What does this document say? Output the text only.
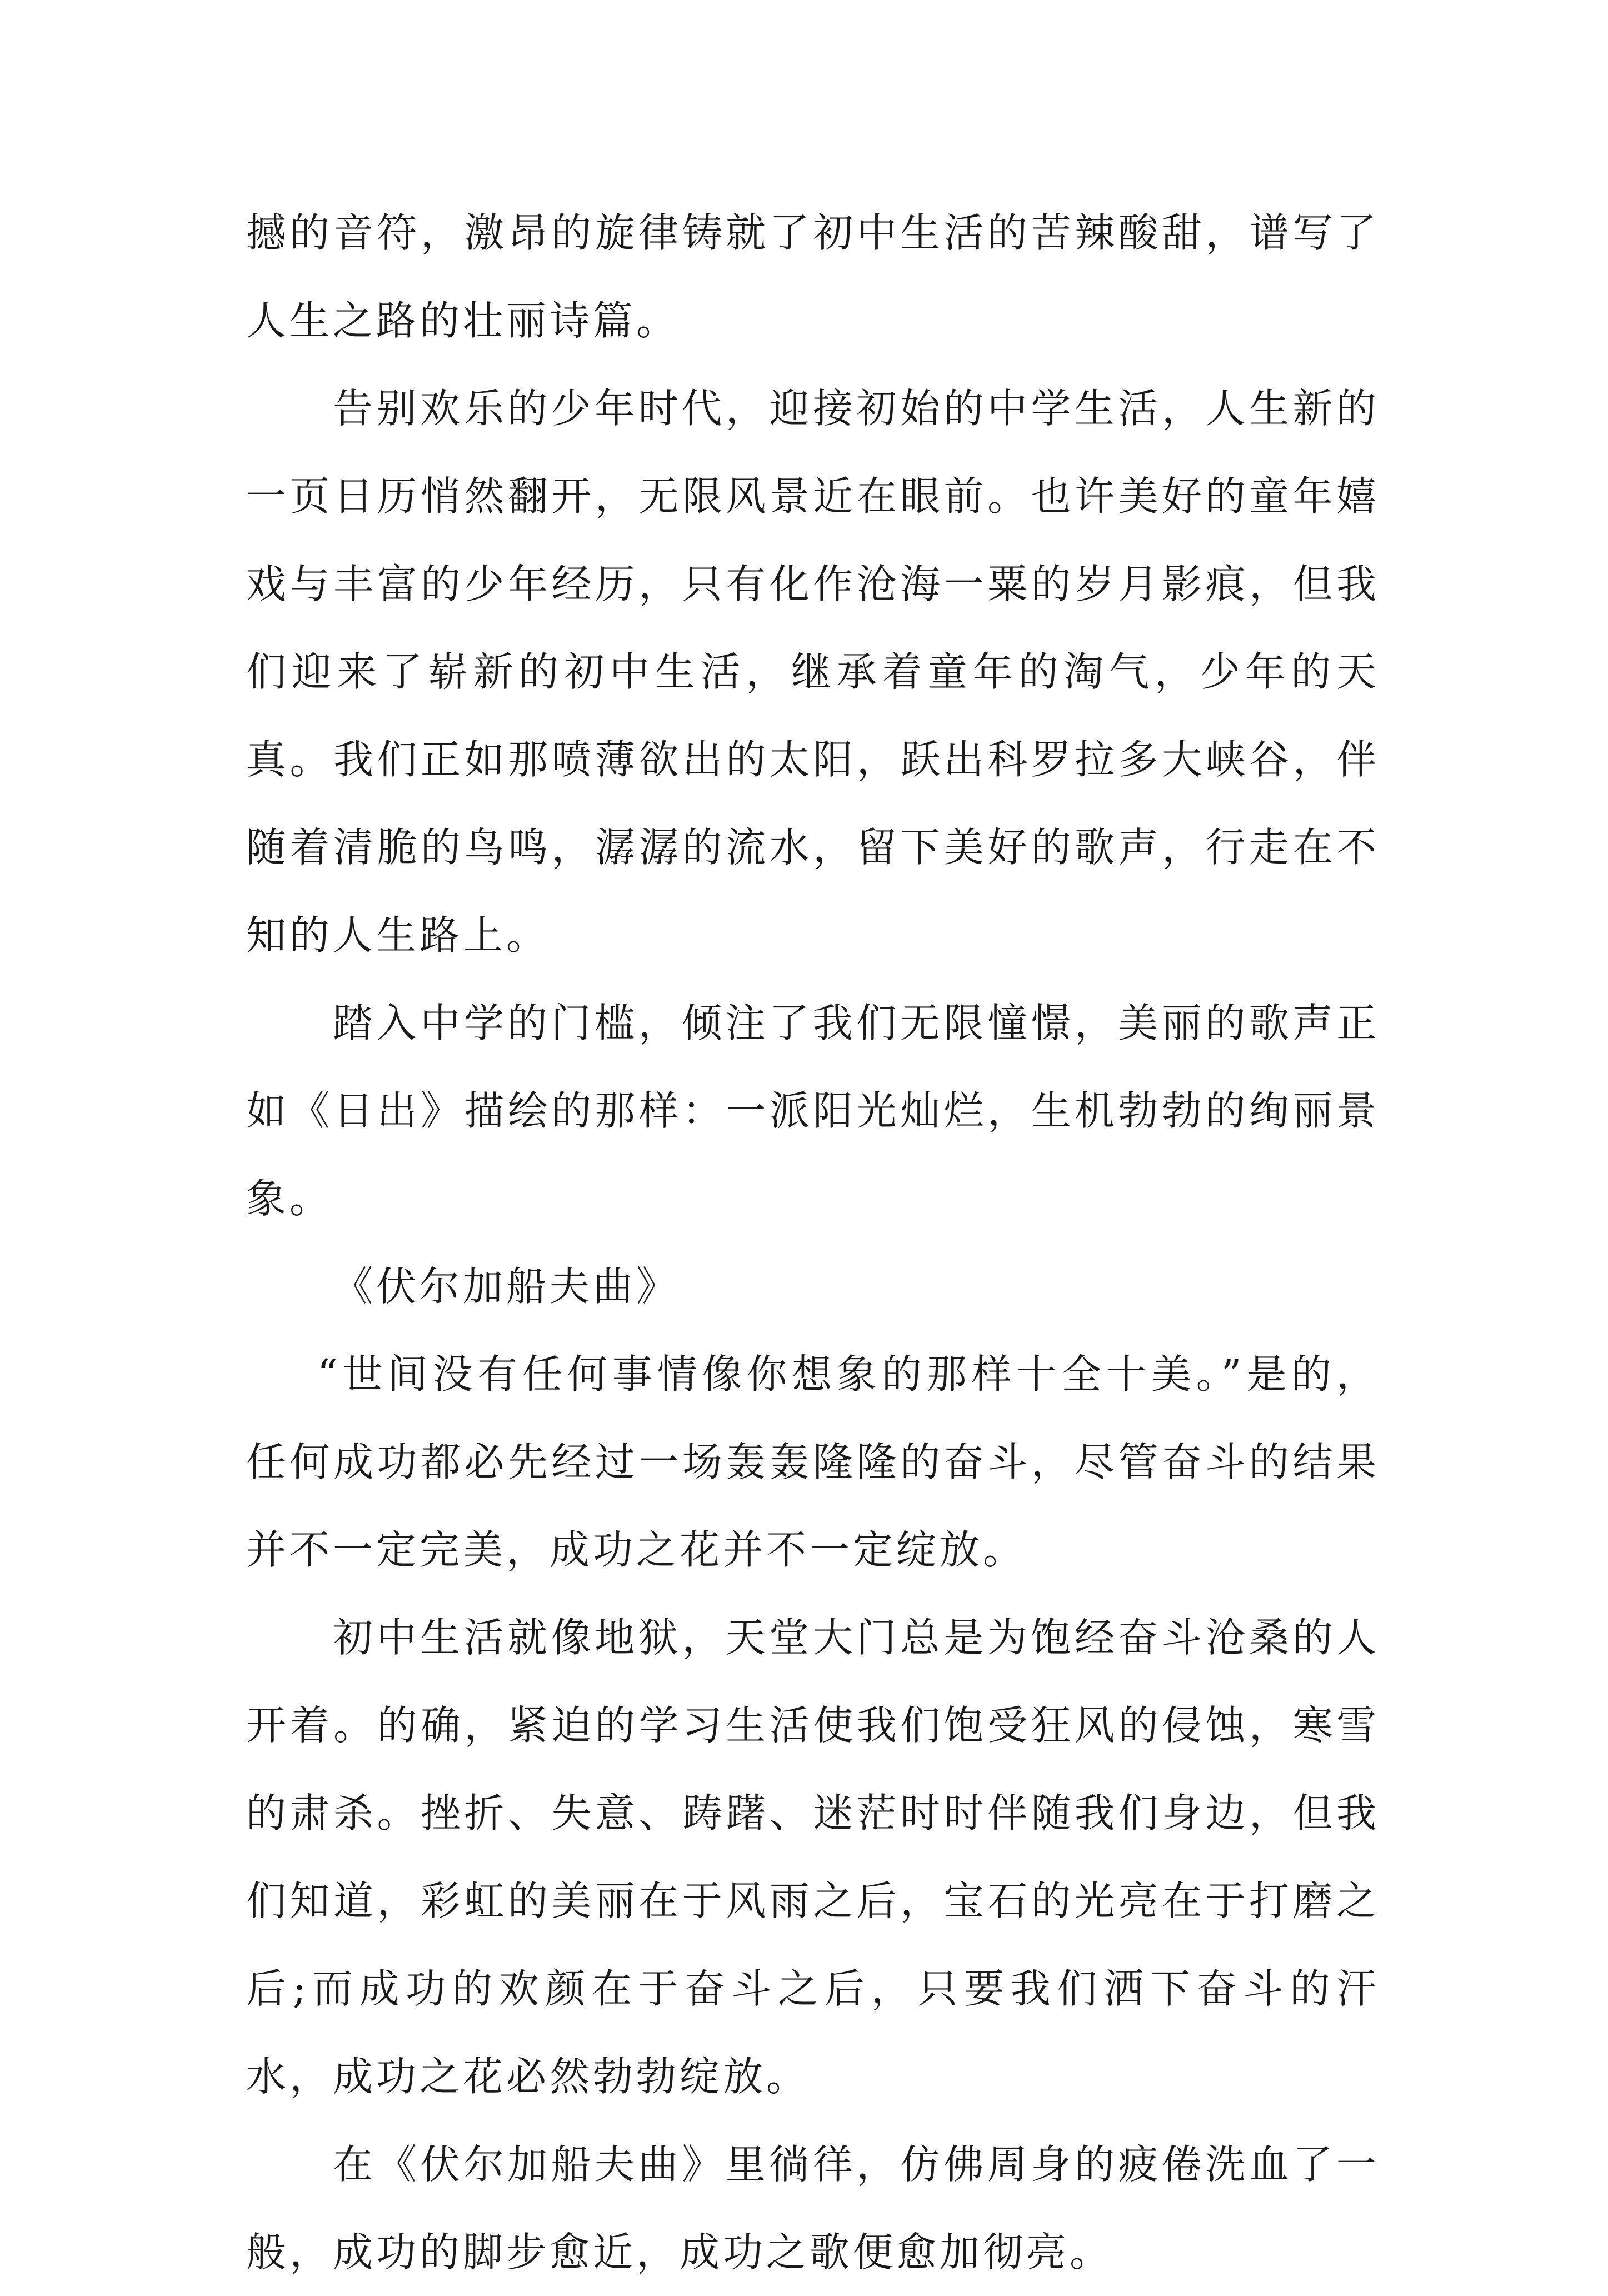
撼的音符，激昂的旋律铸就了初中生活的苦辣酸甜，谱写了人生之路的壮丽诗篇。

告别欢乐的少年时代，迎接初始的中学生活，人生新的一页日历悄然翻开，无限风景近在眼前。也许美好的童年嬉戏与丰富的少年经历，只有化作沧海一粟的岁月影痕，但我们迎来了崭新的初中生活，继承着童年的淘气，少年的天真。我们正如那喷薄欲出的太阳，跃出科罗拉多大峡谷，伴随着清脆的鸟鸣，潺潺的流水，留下美好的歌声，行走在不知的人生路上。

踏入中学的门槛，倾注了我们无限憧憬，美丽的歌声正如《日出》描绘的那样：一派阳光灿烂，生机勃勃的绚丽景象。

《伏尔加船夫曲》

“世间没有任何事情像你想象的那样十全十美。”是的，任何成功都必先经过一场轰轰隆隆的奋斗，尽管奋斗的结果并不一定完美，成功之花并不一定绽放。

初中生活就像地狱，天堂大门总是为饱经奋斗沧桑的人开着。的确，紧迫的学习生活使我们饱受狂风的侵蚀，寒雪的肃杀。挫折、失意、踌躇、迷茫时时伴随我们身边，但我们知道，彩虹的美丽在于风雨之后，宝石的光亮在于打磨之后;而成功的欢颜在于奋斗之后，只要我们洒下奋斗的汗水，成功之花必然勃勃绽放。

在《伏尔加船夫曲》里徜徉，仿佛周身的疲倦洗血了一般，成功的脚步愈近，成功之歌便愈加彻亮。
